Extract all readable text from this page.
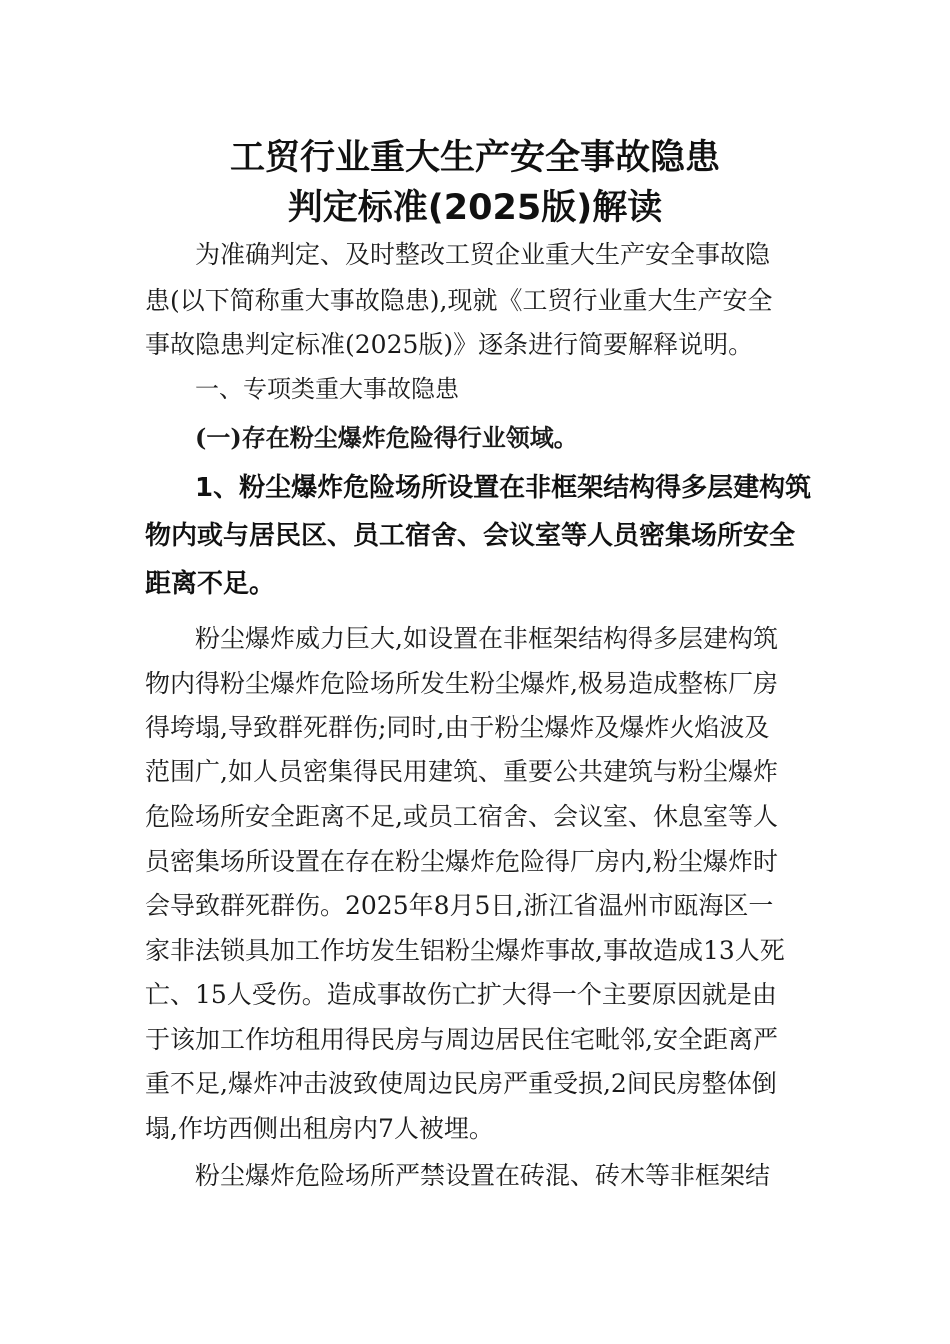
工贸行业重大生产安全事故隐患
判定标准(2025版)解读
为准确判定、及时整改工贸企业重大生产安全事故隐
患(以下简称重大事故隐患),现就《工贸行业重大生产安全
事故隐患判定标准(2025版)》逐条进行简要解释说明。
一、专项类重大事故隐患
(一)存在粉尘爆炸危险得行业领域。
1、粉尘爆炸危险场所设置在非框架结构得多层建构筑
物内或与居民区、员工宿舍、会议室等人员密集场所安全
距离不足。
粉尘爆炸威力巨大,如设置在非框架结构得多层建构筑
物内得粉尘爆炸危险场所发生粉尘爆炸,极易造成整栋厂房
得垮塌,导致群死群伤;同时,由于粉尘爆炸及爆炸火焰波及
范围广,如人员密集得民用建筑、重要公共建筑与粉尘爆炸
危险场所安全距离不足,或员工宿舍、会议室、休息室等人
员密集场所设置在存在粉尘爆炸危险得厂房内,粉尘爆炸时
会导致群死群伤。2025年8月5日,浙江省温州市瓯海区一
家非法锁具加工作坊发生铝粉尘爆炸事故,事故造成13人死
亡、15人受伤。造成事故伤亡扩大得一个主要原因就是由
于该加工作坊租用得民房与周边居民住宅毗邻,安全距离严
重不足,爆炸冲击波致使周边民房严重受损,2间民房整体倒
塌,作坊西侧出租房内7人被埋。
粉尘爆炸危险场所严禁设置在砖混、砖木等非框架结
